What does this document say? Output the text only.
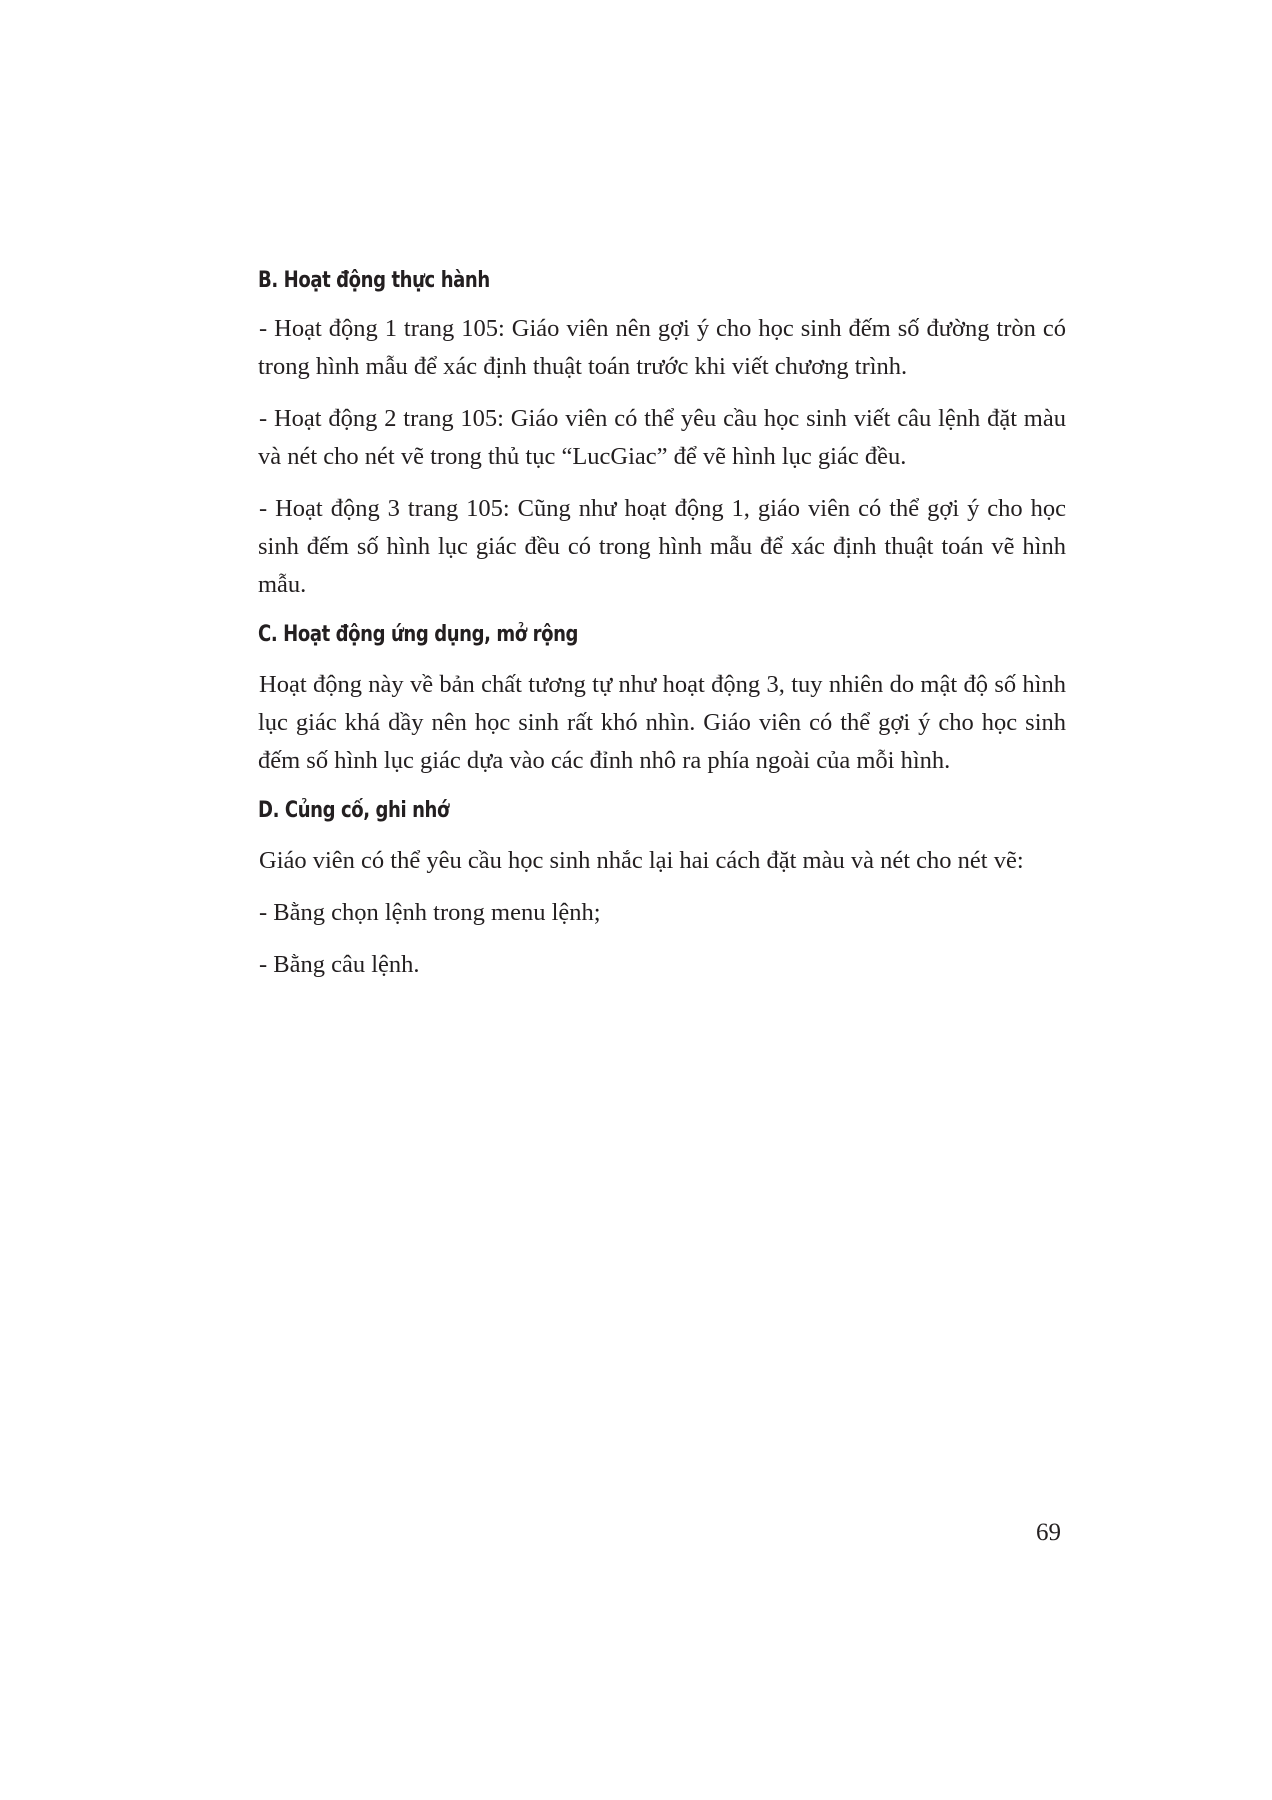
B. Hoạt động thực hành

- Hoạt động 1 trang 105: Giáo viên nên gợi ý cho học sinh đếm số đường tròn có trong hình mẫu để xác định thuật toán trước khi viết chương trình.

- Hoạt động 2 trang 105: Giáo viên có thể yêu cầu học sinh viết câu lệnh đặt màu và nét cho nét vẽ trong thủ tục “LucGiac” để vẽ hình lục giác đều.

- Hoạt động 3 trang 105: Cũng như hoạt động 1, giáo viên có thể gợi ý cho học sinh đếm số hình lục giác đều có trong hình mẫu để xác định thuật toán vẽ hình mẫu.

C. Hoạt động ứng dụng, mở rộng

Hoạt động này về bản chất tương tự như hoạt động 3, tuy nhiên do mật độ số hình lục giác khá dầy nên học sinh rất khó nhìn. Giáo viên có thể gợi ý cho học sinh đếm số hình lục giác dựa vào các đỉnh nhô ra phía ngoài của mỗi hình.

D. Củng cố, ghi nhớ

Giáo viên có thể yêu cầu học sinh nhắc lại hai cách đặt màu và nét cho nét vẽ:

- Bằng chọn lệnh trong menu lệnh;

- Bằng câu lệnh.

69
